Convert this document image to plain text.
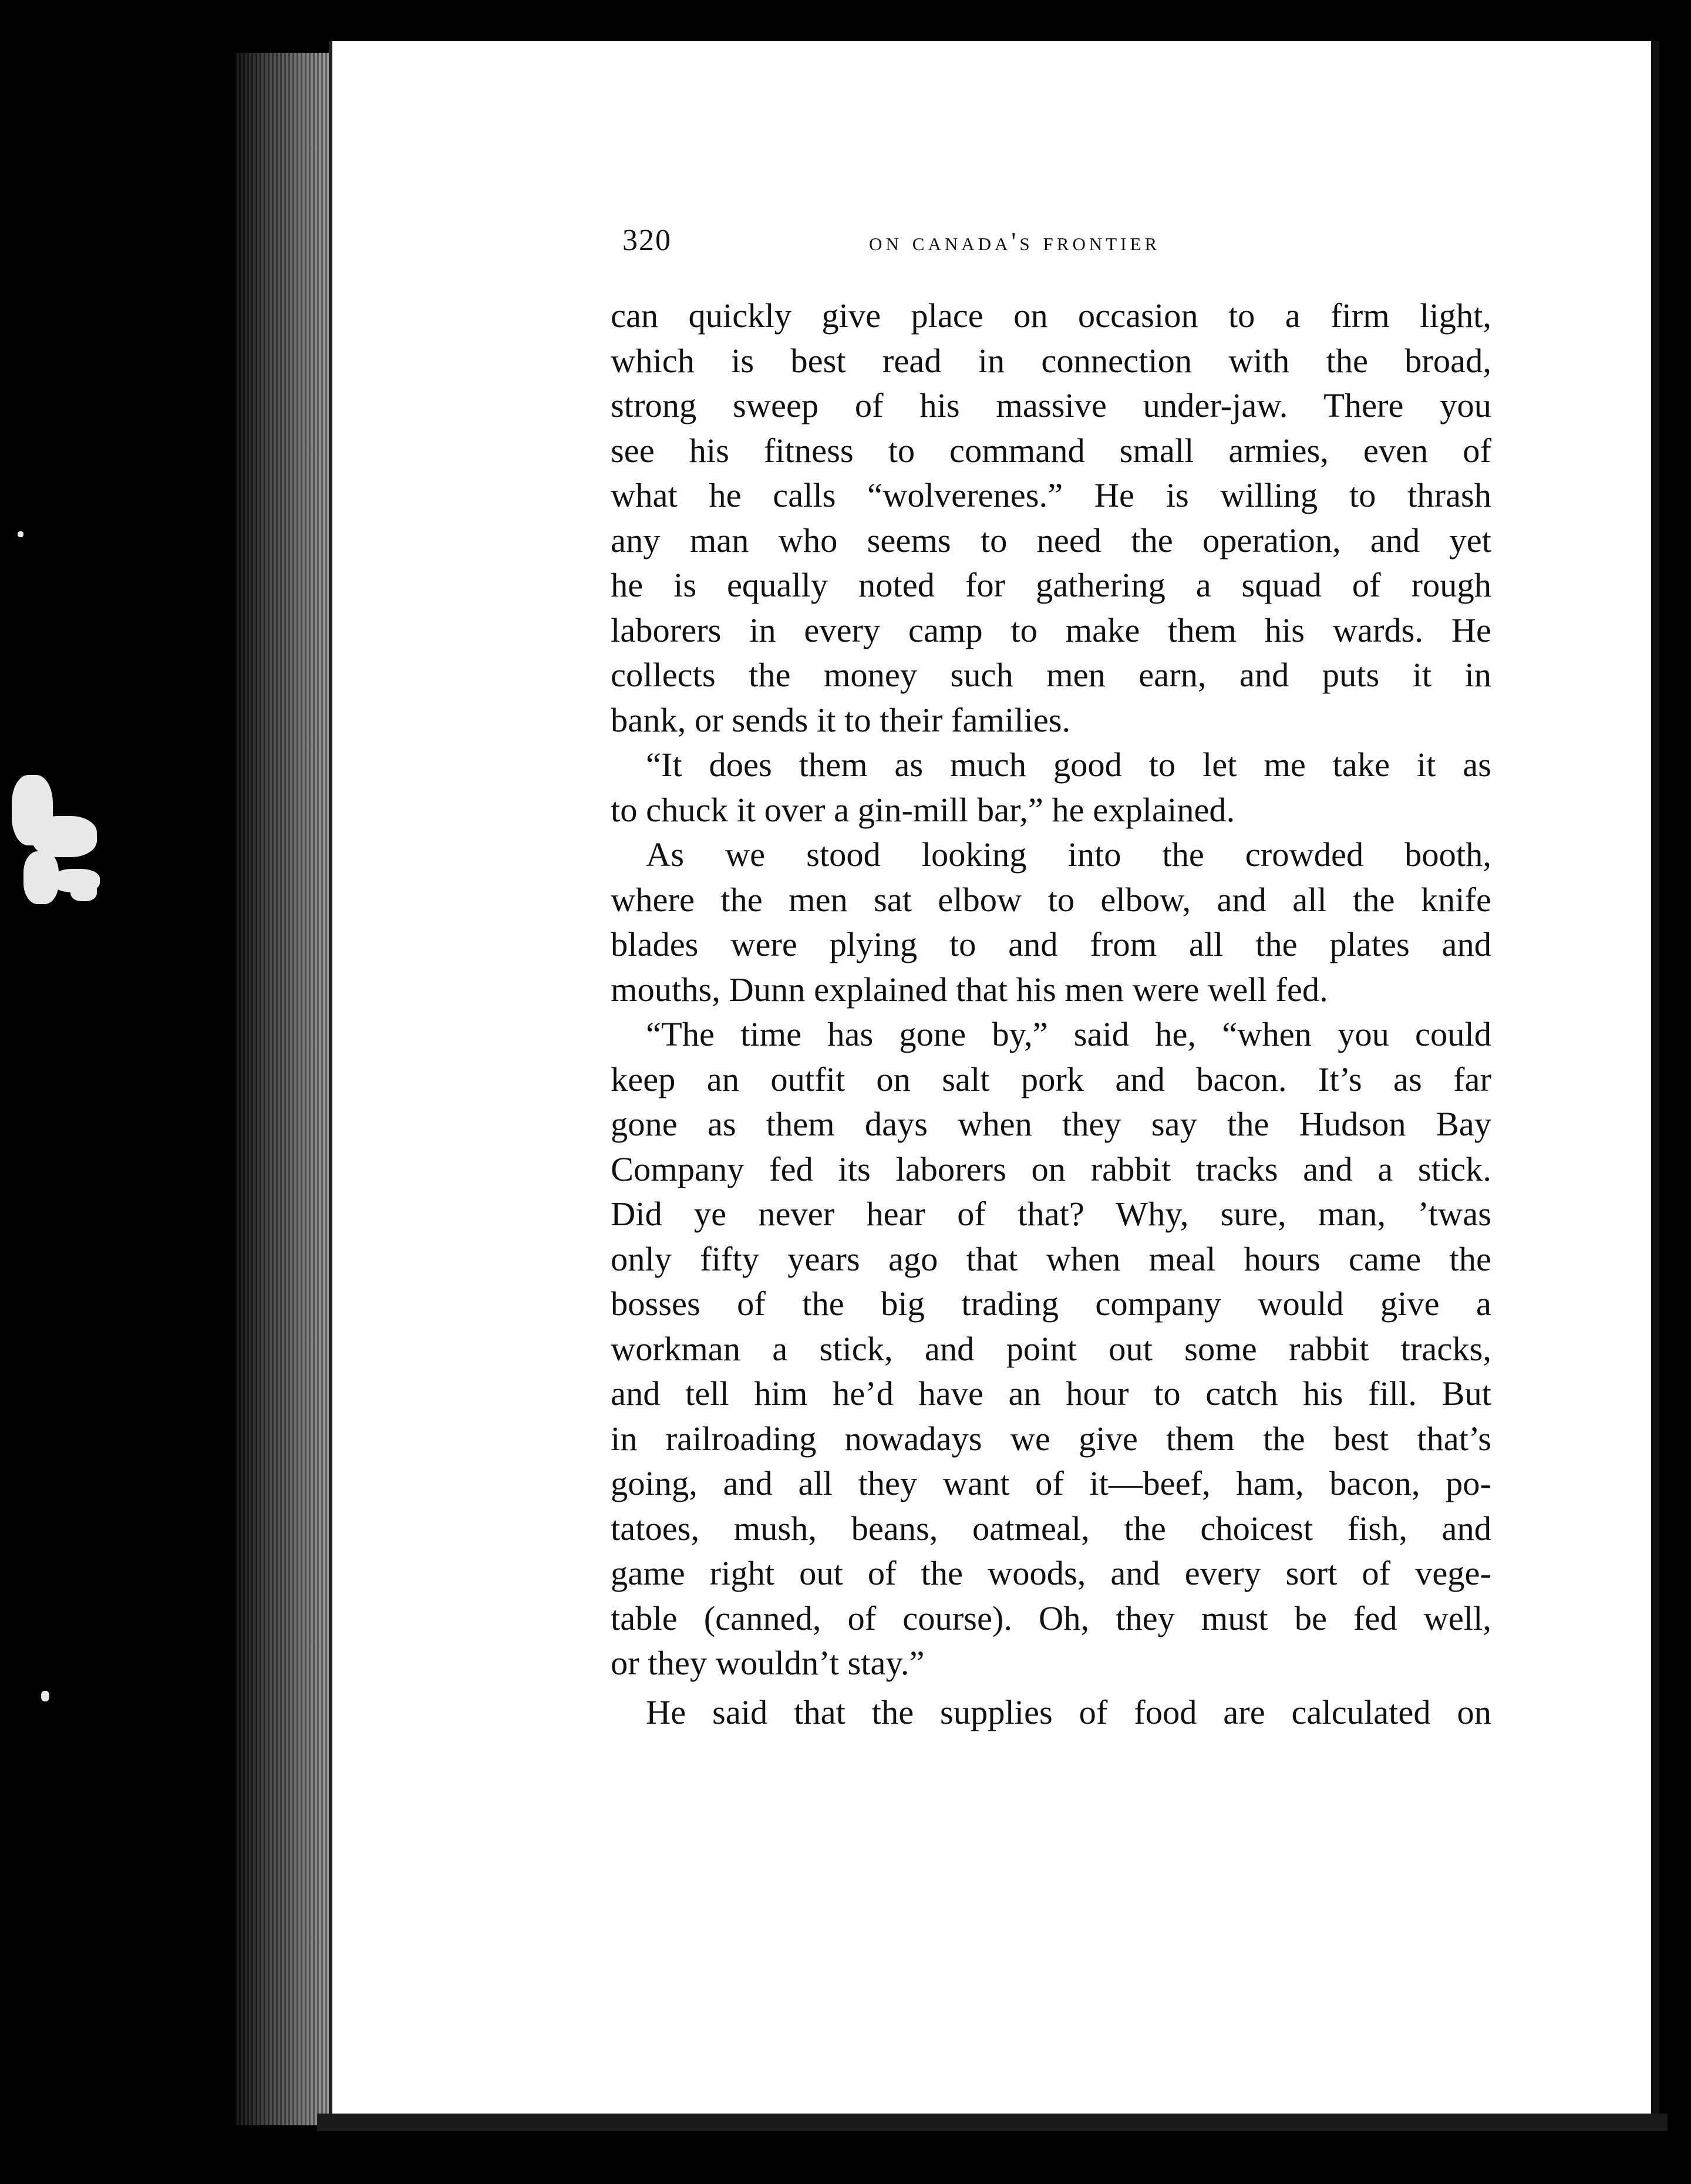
320	on canada's frontier
can quickly give place on occasion to a firm light,
which is best read in connection with the broad,
strong sweep of his massive under-jaw. There you
see his fitness to command small armies, even of
what he calls “wolverenes.” He is willing to thrash
any man who seems to need the operation, and yet
he is equally noted for gathering a squad of rough
laborers in every camp to make them his wards. He
collects the money such men earn, and puts it in
bank, or sends it to their families.
“It does them as much good to let me take it as
to chuck it over a gin-mill bar,” he explained.
As we stood looking into the crowded booth,
where the men sat elbow to elbow, and all the knife
blades were plying to and from all the plates and
mouths, Dunn explained that his men were well fed.
“The time has gone by,” said he, “when you could
keep an outfit on salt pork and bacon. It’s as far
gone as them days when they say the Hudson Bay
Company fed its laborers on rabbit tracks and a stick.
Did ye never hear of that? Why, sure, man, ’twas
only fifty years ago that when meal hours came the
bosses of the big trading company would give a
workman a stick, and point out some rabbit tracks,
and tell him he’d have an hour to catch his fill. But
in railroading nowadays we give them the best that’s
going, and all they want of it—beef, ham, bacon, po-
tatoes, mush, beans, oatmeal, the choicest fish, and
game right out of the woods, and every sort of vege-
table (canned, of course). Oh, they must be fed well,
or they wouldn’t stay.”
He said that the supplies of food are calculated on
